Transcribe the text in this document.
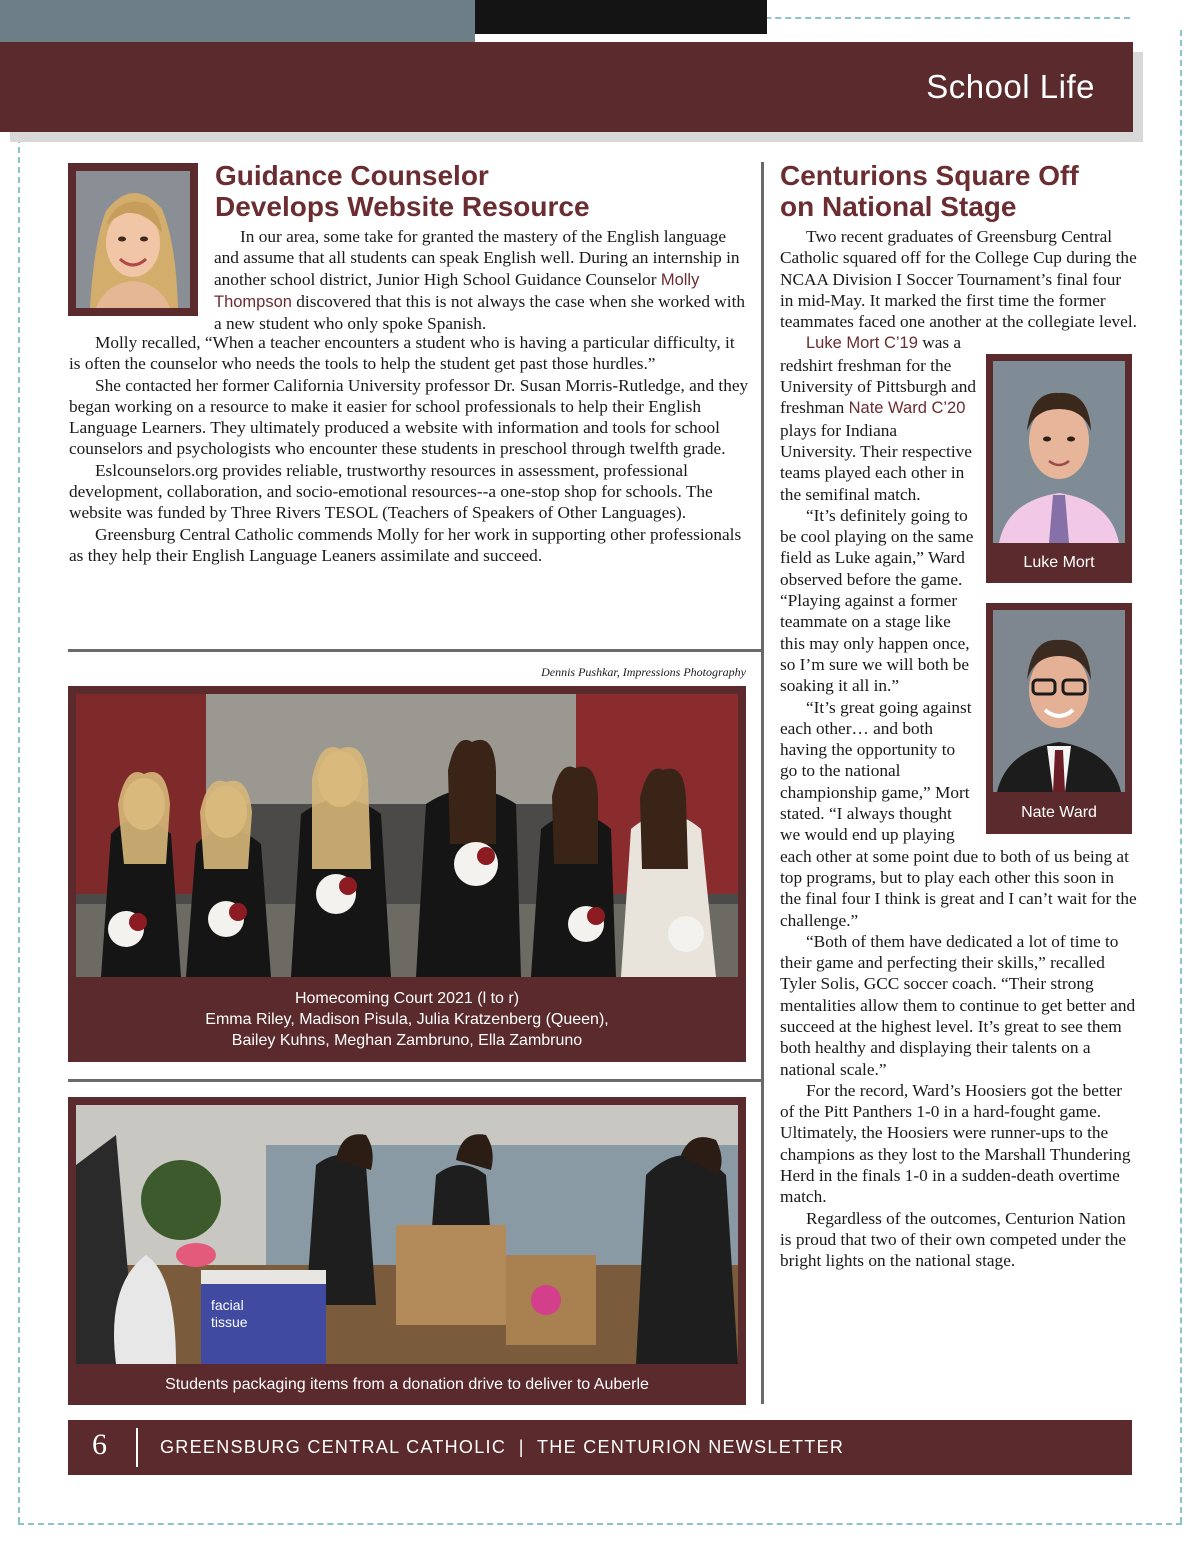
School Life
Guidance Counselor
Develops Website Resource

In our area, some take for granted the mastery of the English language and assume that all students can speak English well. During an internship in another school district, Junior High School Guidance Counselor Molly Thompson discovered that this is not always the case when she worked with a new student who only spoke Spanish.

Molly recalled, “When a teacher encounters a student who is having a particular difficulty, it is often the counselor who needs the tools to help the student get past those hurdles.”

She contacted her former California University professor Dr. Susan Morris-Rutledge, and they began working on a resource to make it easier for school professionals to help their English Language Learners. They ultimately produced a website with information and tools for school counselors and psychologists who encounter these students in preschool through twelfth grade.

Eslcounselors.org provides reliable, trustworthy resources in assessment, professional development, collaboration, and socio-emotional resources--a one-stop shop for schools. The website was funded by Three Rivers TESOL (Teachers of Speakers of Other Languages).

Greensburg Central Catholic commends Molly for her work in supporting other professionals as they help their English Language Leaners assimilate and succeed.

Dennis Pushkar, Impressions Photography
Homecoming Court 2021 (l to r)
Emma Riley, Madison Pisula, Julia Kratzenberg (Queen),
Bailey Kuhns, Meghan Zambruno, Ella Zambruno
facial
tissue
Students packaging items from a donation drive to deliver to Auberle
Centurions Square Off
on National Stage

Two recent graduates of Greensburg Central Catholic squared off for the College Cup during the NCAA Division I Soccer Tournament’s final four in mid-May. It marked the first time the former teammates faced one another at the collegiate level.

Luke Mort

Luke Mort C’19 was a redshirt freshman for the University of Pittsburgh and freshman Nate Ward C’20 plays for Indiana University. Their respective teams played each other in the semifinal match.

Nate Ward

“It’s definitely going to be cool playing on the same field as Luke again,” Ward observed before the game. “Playing against a former teammate on a stage like this may only happen once, so I’m sure we will both be soaking it all in.”

“It’s great going against each other… and both having the opportunity to go to the national championship game,” Mort stated. “I always thought we would end up playing each other at some point due to both of us being at top programs, but to play each other this soon in the final four I think is great and I can’t wait for the challenge.”

“Both of them have dedicated a lot of time to their game and perfecting their skills,” recalled Tyler Solis, GCC soccer coach. “Their strong mentalities allow them to continue to get better and succeed at the highest level. It’s great to see them both healthy and displaying their talents on a national scale.”

For the record, Ward’s Hoosiers got the better of the Pitt Panthers 1-0 in a hard-fought game. Ultimately, the Hoosiers were runner-ups to the champions as they lost to the Marshall Thundering Herd in the finals 1-0 in a sudden-death overtime match.

Regardless of the outcomes, Centurion Nation is proud that two of their own competed under the bright lights on the national stage.

6	GREENSBURG CENTRAL CATHOLIC  |  THE CENTURION NEWSLETTER
